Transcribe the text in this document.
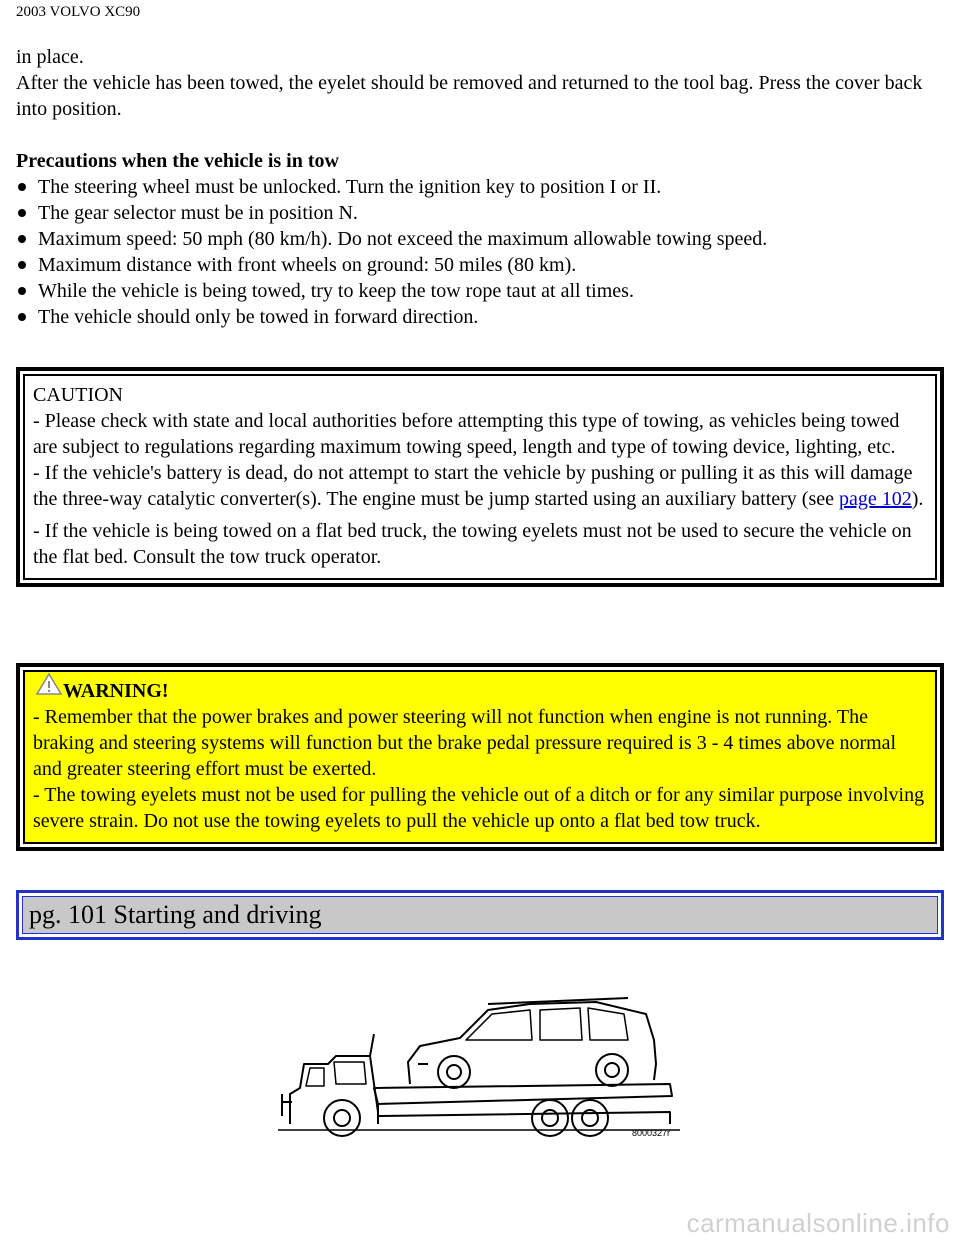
2003 VOLVO XC90

in place.

After the vehicle has been towed, the eyelet should be removed and returned to the tool bag. Press the cover back into position.

Precautions when the vehicle is in tow

The steering wheel must be unlocked. Turn the ignition key to position I or II.
The gear selector must be in position N.
Maximum speed: 50 mph (80 km/h). Do not exceed the maximum allowable towing speed.
Maximum distance with front wheels on ground: 50 miles (80 km).
While the vehicle is being towed, try to keep the tow rope taut at all times.
The vehicle should only be towed in forward direction.

CAUTION

- Please check with state and local authorities before attempting this type of towing, as vehicles being towed are subject to regulations regarding maximum towing speed, length and type of towing device, lighting, etc.

- If the vehicle's battery is dead, do not attempt to start the vehicle by pushing or pulling it as this will damage the three-way catalytic converter(s). The engine must be jump started using an auxiliary battery (see page 102).

- If the vehicle is being towed on a flat bed truck, the towing eyelets must not be used to secure the vehicle on the flat bed. Consult the tow truck operator.

WARNING!

- Remember that the power brakes and power steering will not function when engine is not running. The braking and steering systems will function but the brake pedal pressure required is 3 - 4 times above normal and greater steering effort must be exerted.

- The towing eyelets must not be used for pulling the vehicle out of a ditch or for any similar purpose involving severe strain. Do not use the towing eyelets to pull the vehicle up onto a flat bed tow truck.

pg. 101 Starting and driving
8000327r
carmanualsonline.info
